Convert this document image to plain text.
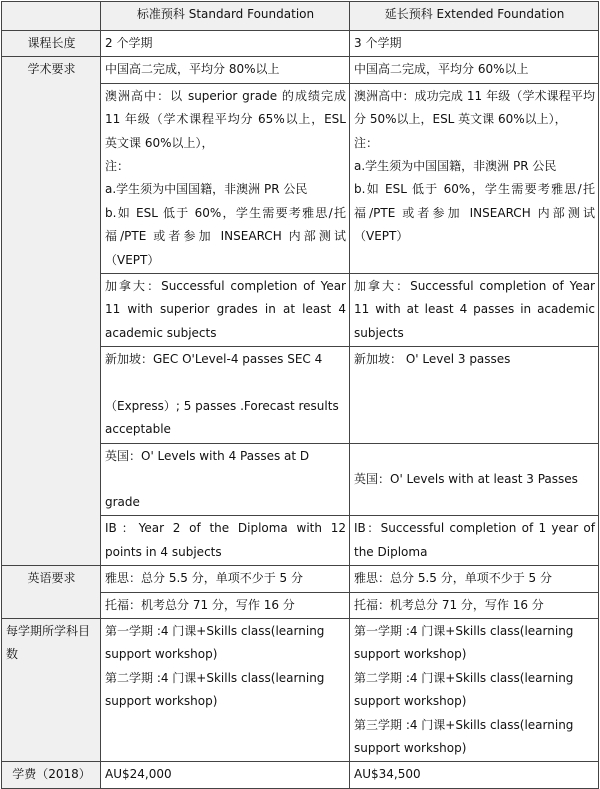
	标准预科 Standard Foundation	延长预科 Extended Foundation
课程长度	2 个学期	3 个学期
学术要求	中国高二完成，平均分 80%以上	中国高二完成，平均分 60%以上

	澳洲高中：以 superior grade 的成绩完成 11 年级（学术课程平均分 65%以上，ESL 英文课 60%以上），
注：
a.学生须为中国国籍，非澳洲 PR 公民
b.如 ESL 低于 60%，学生需要考雅思/托福/PTE 或者参加 INSEARCH 内部测试（VEPT）	澳洲高中：成功完成 11 年级（学术课程平均分 50%以上，ESL 英文课 60%以上），
注：
a.学生须为中国国籍，非澳洲 PR 公民
b.如 ESL 低于 60%，学生需要考雅思/托福/PTE 或者参加 INSEARCH 内部测试（VEPT）

	加拿大：Successful completion of Year 11 with superior grades in at least 4 academic subjects	加拿大：Successful completion of Year 11 with at least 4 passes in academic subjects

	新加坡：GEC O'Level-4 passes SEC 4
（Express）; 5 passes .Forecast results acceptable	新加坡： O' Level 3 passes

	英国：O' Levels with 4 Passes at D
grade	英国：O' Levels with at least 3 Passes

	IB：Year 2 of the Diploma with 12 points in 4 subjects	IB：Successful completion of 1 year of the Diploma
英语要求	雅思：总分 5.5 分，单项不少于 5 分	雅思：总分 5.5 分，单项不少于 5 分
	托福：机考总分 71 分，写作 16 分	托福：机考总分 71 分，写作 16 分
每学期所学科目数	第一学期 :4 门课+Skills class(learning support workshop)
第二学期 :4 门课+Skills class(learning support workshop)	第一学期 :4 门课+Skills class(learning support workshop)
第二学期 :4 门课+Skills class(learning support workshop)
第三学期 :4 门课+Skills class(learning support workshop)

学费（2018）	AU$24,000	AU$34,500
